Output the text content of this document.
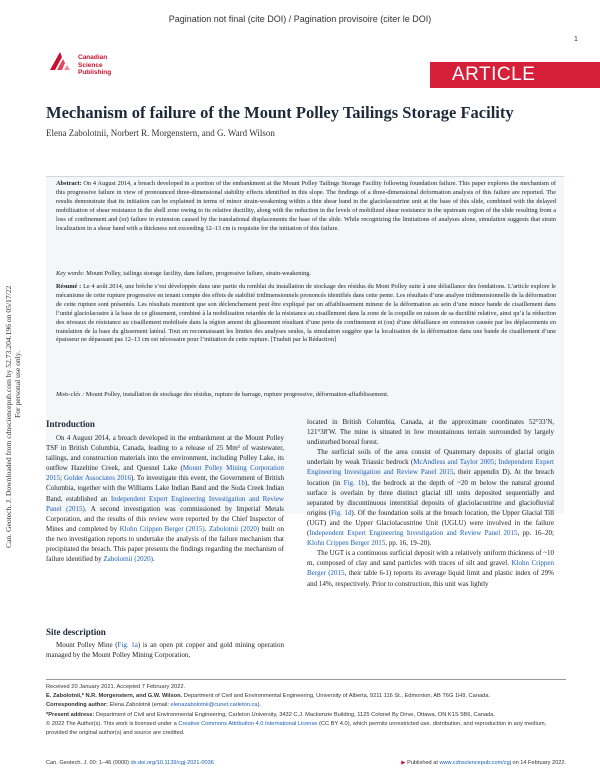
Pagination not final (cite DOI) / Pagination provisoire (citer le DOI)
1
Canadian
Science
Publishing	ARTICLE
Mechanism of failure of the Mount Polley Tailings Storage Facility
Elena Zabolotnii, Norbert R. Morgenstern, and G. Ward Wilson
Abstract: On 4 August 2014, a breach developed in a portion of the embankment at the Mount Polley Tailings Storage Facility following foundation failure. This paper explores the mechanism of this progressive failure in view of pronounced three-dimensional stability effects identified in this slope. The findings of a three-dimensional deformation analysis of this failure are reported. The results demonstrate that its initiation can be explained in terms of minor strain-weakening within a thin shear band in the glaciolacustrine unit at the base of this slide, combined with the delayed mobilization of shear resistance in the shell zone owing to its relative ductility, along with the reduction in the levels of mobilized shear resistance in the upstream region of the slide resulting from a loss of confinement and (or) failure in extension caused by the translational displacements the base of the slide. While recognizing the limitations of analyses alone, simulation suggests that strain localization in a shear band with a thickness not exceeding 12–13 cm is requisite for the initiation of this failure.
Key words: Mount Polley, tailings storage facility, dam failure, progressive failure, strain-weakening.
Résumé : Le 4 août 2014, une brèche s’est développée dans une partie du remblai du installation de stockage des résidus du Mont Polley suite à une défaillance des fondations. L’article explore le mécanisme de cette rupture progressive en tenant compte des effets de stabilité tridimensionnels prononcés identifiés dans cette pente. Les résultats d’une analyse tridimensionnelle de la déformation de cette rupture sont présentés. Les résultats montrent que son déclenchement peut être expliqué par un affaiblissement mineur de la déformation au sein d’une mince bande de cisaillement dans l’unité glaciolacustre à la base de ce glissement, combiné à la mobilisation retardée de la résistance au cisaillement dans la zone de la coquille en raison de sa ductilité relative, ainsi qu’à la réduction des niveaux de résistance au cisaillement mobilisée dans la région amont du glissement résultant d’une perte de confinement et (ou) d’une défaillance en extension causée par les déplacements en translation de la base du glissement latéral. Tout en reconnaissant les limites des analyses seules, la simulation suggère que la localisation de la déformation dans une bande de cisaillement d’une épaisseur ne dépassant pas 12–13 cm est nécessaire pour l’initiation de cette rupture. [Traduit par la Rédaction]
Mots-clés : Mount Polley, installation de stockage des résidus, rupture de barrage, rupture progressive, déformation-affaiblissement.
Introduction

On 4 August 2014, a breach developed in the embankment at the Mount Polley TSF in British Columbia, Canada, leading to a release of 25 Mm³ of wastewater, tailings, and construction materials into the environment, including Polley Lake, its outflow Hazeltine Creek, and Quesnel Lake (Mount Polley Mining Corporation 2015; Golder Associates 2016). To investigate this event, the Government of British Columbia, together with the Williams Lake Indian Band and the Soda Creek Indian Band, established an Independent Expert Engineering Investigation and Review Panel (2015). A second investigation was commissioned by Imperial Metals Corporation, and the results of this review were reported by the Chief Inspector of Mines and completed by Klohn Crippen Berger (2015). Zabolotnii (2020) built on the two investigation reports to undertake the analysis of the failure mechanism that precipitated the breach. This paper presents the findings regarding the mechanism of failure identified by Zabolotnii (2020).

Site description

Mount Polley Mine (Fig. 1a) is an open pit copper and gold mining operation managed by the Mount Polley Mining Corporation,

located in British Columbia, Canada, at the approximate coordinates 52°33′N, 121°38′W. The mine is situated in low mountainous terrain surrounded by largely undisturbed boreal forest.

The surficial soils of the area consist of Quaternary deposits of glacial origin underlain by weak Triassic bedrock (McAndless and Taylor 2005; Independent Expert Engineering Investigation and Review Panel 2015, their appendix D). At the breach location (in Fig. 1b), the bedrock at the depth of ~20 m below the natural ground surface is overlain by three distinct glacial till units deposited sequentially and separated by discontinuous interstitial deposits of glaciolacustrine and glaciofluvial origins (Fig. 1d). Of the foundation soils at the breach location, the Upper Glacial Till (UGT) and the Upper Glaciolacustrine Unit (UGLU) were involved in the failure (Independent Expert Engineering Investigation and Review Panel 2015, pp. 16–20; Klohn Crippen Berger 2015, pp. 16, 19–20).

The UGT is a continuous surficial deposit with a relatively uniform thickness of ~10 m, composed of clay and sand particles with traces of silt and gravel. Klohn Crippen Berger (2015, their table 6-1) reports its average liquid limit and plastic index of 29% and 14%, respectively. Prior to construction, this unit was lightly

Can. Geotech. J. Downloaded from cdnsciencepub.com by 52.73.204.196 on 05/17/22 For personal use only.

Received 20 January 2021. Accepted 7 February 2022.

E. Zabolotnii,* N.R. Morgenstern, and G.W. Wilson. Department of Civil and Environmental Engineering, University of Alberta, 9211 116 St., Edmonton, AB T6G 1H9, Canada.

Corresponding author: Elena Zabolotnii (email: elenazabolotnii@cunet.carleton.ca).

*Present address: Department of Civil and Environmental Engineering, Carleton University, 3432 C.J. Mackenzie Building, 1125 Colonel By Drive, Ottawa, ON K1S 5B6, Canada.

© 2022 The Author(s). This work is licensed under a Creative Commons Attribution 4.0 International License (CC BY 4.0), which permits unrestricted use, distribution, and reproduction in any medium, provided the original author(s) and source are credited.

Can. Geotech. J. 00: 1–46 (0000) dx.doi.org/10.1139/cgj-2021-0036	▶ Published at www.cdnsciencepub.com/cgj on 14 February 2022.
